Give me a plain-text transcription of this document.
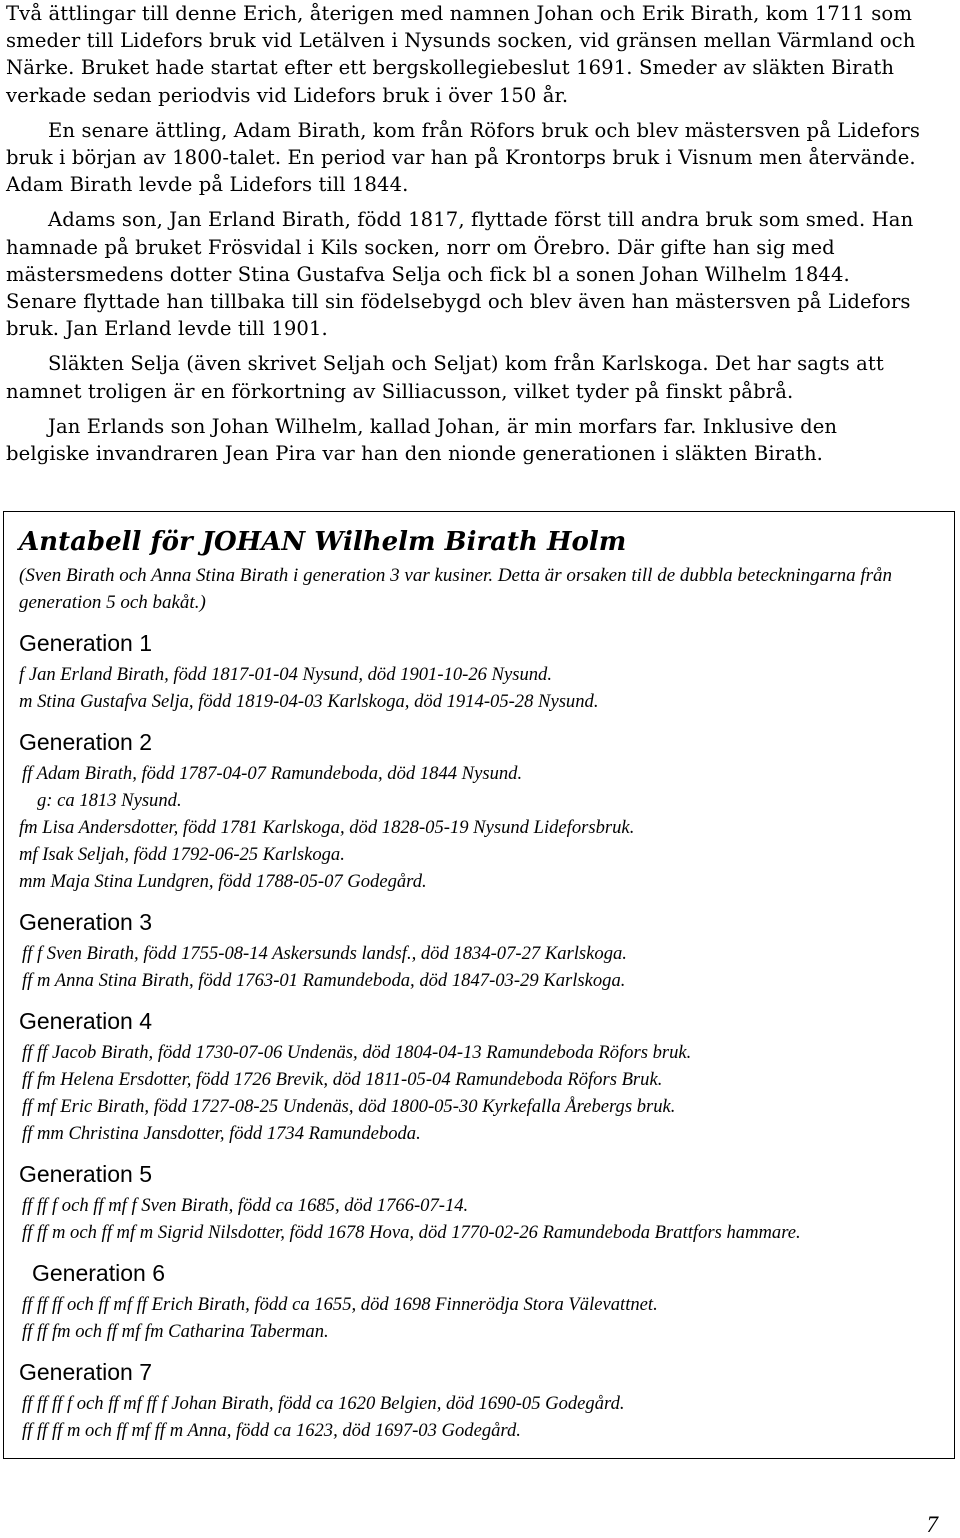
Två ättlingar till denne Erich, återigen med namnen Johan och Erik Birath, kom 1711 som smeder till Lidefors bruk vid Letälven i Nysunds socken, vid gränsen mellan Värmland och Närke. Bruket hade startat efter ett bergskollegiebeslut 1691. Smeder av släkten Birath verkade sedan periodvis vid Lidefors bruk i över 150 år.

En senare ättling, Adam Birath, kom från Röfors bruk och blev mästersven på Lidefors bruk i början av 1800-talet. En period var han på Krontorps bruk i Visnum men återvände. Adam Birath levde på Lidefors till 1844.

Adams son, Jan Erland Birath, född 1817, flyttade först till andra bruk som smed. Han hamnade på bruket Frösvidal i Kils socken, norr om Örebro. Där gifte han sig med mästersmedens dotter Stina Gustafva Selja och fick bl a sonen Johan Wilhelm 1844. Senare flyttade han tillbaka till sin födelsebygd och blev även han mästersven på Lidefors bruk. Jan Erland levde till 1901.

Släkten Selja (även skrivet Seljah och Seljat) kom från Karlskoga. Det har sagts att namnet troligen är en förkortning av Silliacusson, vilket tyder på finskt påbrå.

Jan Erlands son Johan Wilhelm, kallad Johan, är min morfars far. Inklusive den belgiske invandraren Jean Pira var han den nionde generationen i släkten Birath.

Antabell för JOHAN Wilhelm Birath Holm

(Sven Birath och Anna Stina Birath i generation 3 var kusiner. Detta är orsaken till de dubbla beteckningarna från generation 5 och bakåt.)

Generation 1

f Jan Erland Birath, född 1817-01-04 Nysund, död 1901-10-26 Nysund.

m Stina Gustafva Selja, född 1819-04-03 Karlskoga, död 1914-05-28 Nysund.

Generation 2

ff Adam Birath, född 1787-04-07 Ramundeboda, död 1844 Nysund.

g: ca 1813 Nysund.

fm Lisa Andersdotter, född 1781 Karlskoga, död 1828-05-19 Nysund Lideforsbruk.

mf Isak Seljah, född 1792-06-25 Karlskoga.

mm Maja Stina Lundgren, född 1788-05-07 Godegård.

Generation 3

ff f Sven Birath, född 1755-08-14 Askersunds landsf., död 1834-07-27 Karlskoga.

ff m Anna Stina Birath, född 1763-01 Ramundeboda, död 1847-03-29 Karlskoga.

Generation 4

ff ff Jacob Birath, född 1730-07-06 Undenäs, död 1804-04-13 Ramundeboda Röfors bruk.

ff fm Helena Ersdotter, född 1726 Brevik, död 1811-05-04 Ramundeboda Röfors Bruk.

ff mf Eric Birath, född 1727-08-25 Undenäs, död 1800-05-30 Kyrkefalla Årebergs bruk.

ff mm Christina Jansdotter, född 1734 Ramundeboda.

Generation 5

ff ff f och ff mf f Sven Birath, född ca 1685, död 1766-07-14.

ff ff m och ff mf m Sigrid Nilsdotter, född 1678 Hova, död 1770-02-26 Ramundeboda Brattfors hammare.

Generation 6

ff ff ff och ff mf ff Erich Birath, född ca 1655, död 1698 Finnerödja Stora Välevattnet.

ff ff fm och ff mf fm Catharina Taberman.

Generation 7

ff ff ff f och ff mf ff f Johan Birath, född ca 1620 Belgien, död 1690-05 Godegård.

ff ff ff m och ff mf ff m Anna, född ca 1623, död 1697-03 Godegård.

7
